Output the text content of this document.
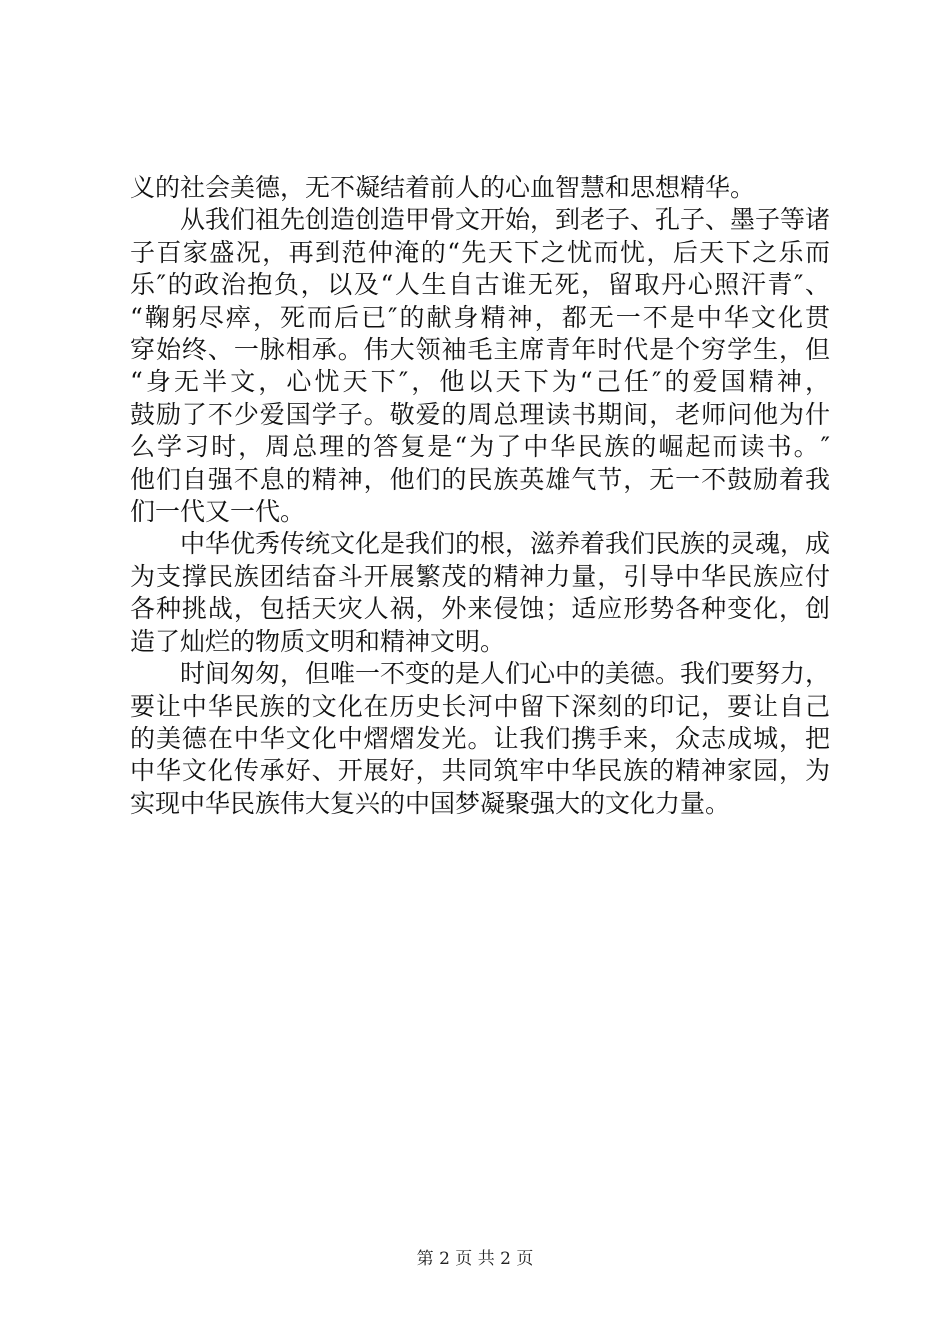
义的社会美德，无不凝结着前人的心血智慧和思想精华。
从我们祖先创造创造甲骨文开始，到老子、孔子、墨子等诸
子百家盛况，再到范仲淹的“先天下之忧而忧，后天下之乐而
乐″的政治抱负，以及“人生自古谁无死，留取丹心照汗青″、
“鞠躬尽瘁，死而后已″的献身精神，都无一不是中华文化贯
穿始终、一脉相承。伟大领袖毛主席青年时代是个穷学生，但
“身无半文，心忧天下″，他以天下为“己任″的爱国精神，
鼓励了不少爱国学子。敬爱的周总理读书期间，老师问他为什
么学习时，周总理的答复是“为了中华民族的崛起而读书。″
他们自强不息的精神，他们的民族英雄气节，无一不鼓励着我
们一代又一代。
中华优秀传统文化是我们的根，滋养着我们民族的灵魂，成
为支撑民族团结奋斗开展繁茂的精神力量，引导中华民族应付
各种挑战，包括天灾人祸，外来侵蚀；适应形势各种变化，创
造了灿烂的物质文明和精神文明。
时间匆匆，但唯一不变的是人们心中的美德。我们要努力，
要让中华民族的文化在历史长河中留下深刻的印记，要让自己
的美德在中华文化中熠熠发光。让我们携手来，众志成城，把
中华文化传承好、开展好，共同筑牢中华民族的精神家园，为
实现中华民族伟大复兴的中国梦凝聚强大的文化力量。
第 2 页 共 2 页
